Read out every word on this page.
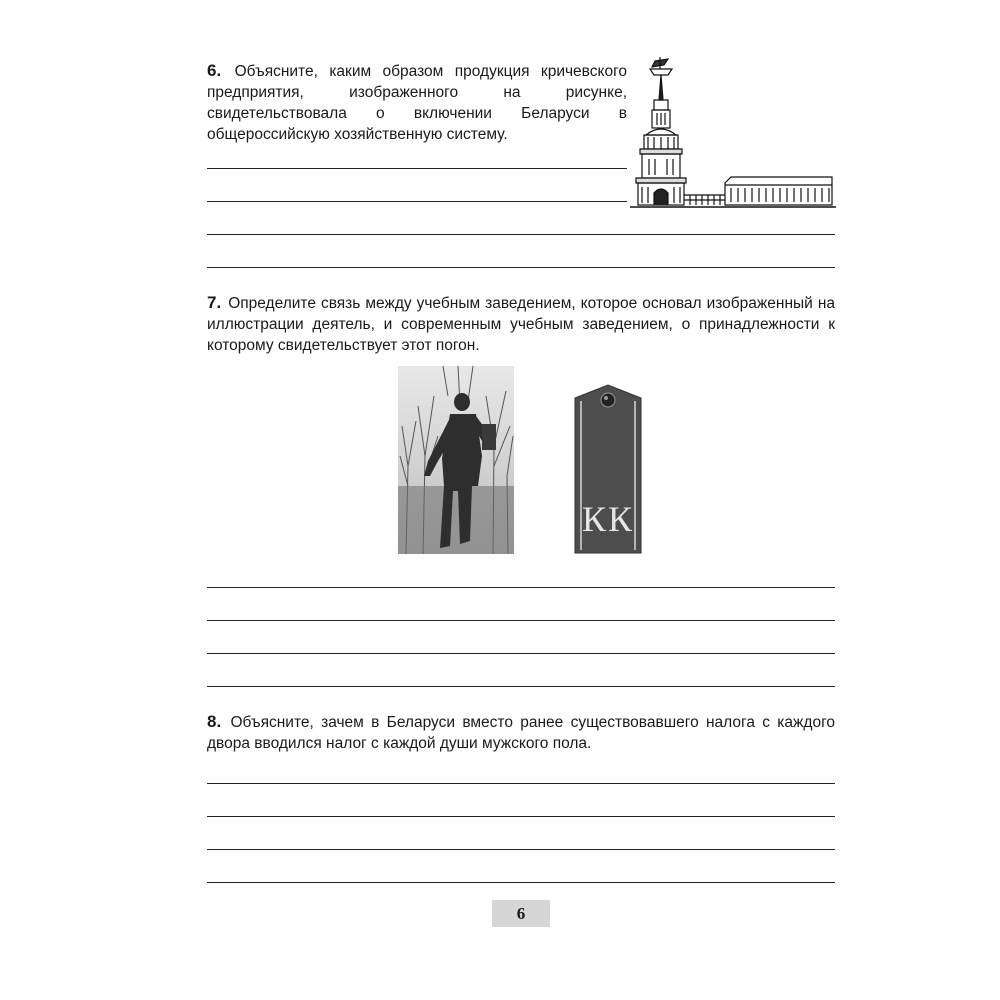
6. Объясните, каким образом продукция кричевского предприятия, изображенного на рисунке, свидетельствовала о включении Беларуси в общероссийскую хозяйственную систему.
7. Определите связь между учебным заведением, которое основал изображенный на иллюстрации деятель, и современным учебным заведением, о принадлежности к которому свидетельствует этот погон.
КК
8. Объясните, зачем в Беларуси вместо ранее существовавшего налога с каждого двора вводился налог с каждой души мужского пола.
6
